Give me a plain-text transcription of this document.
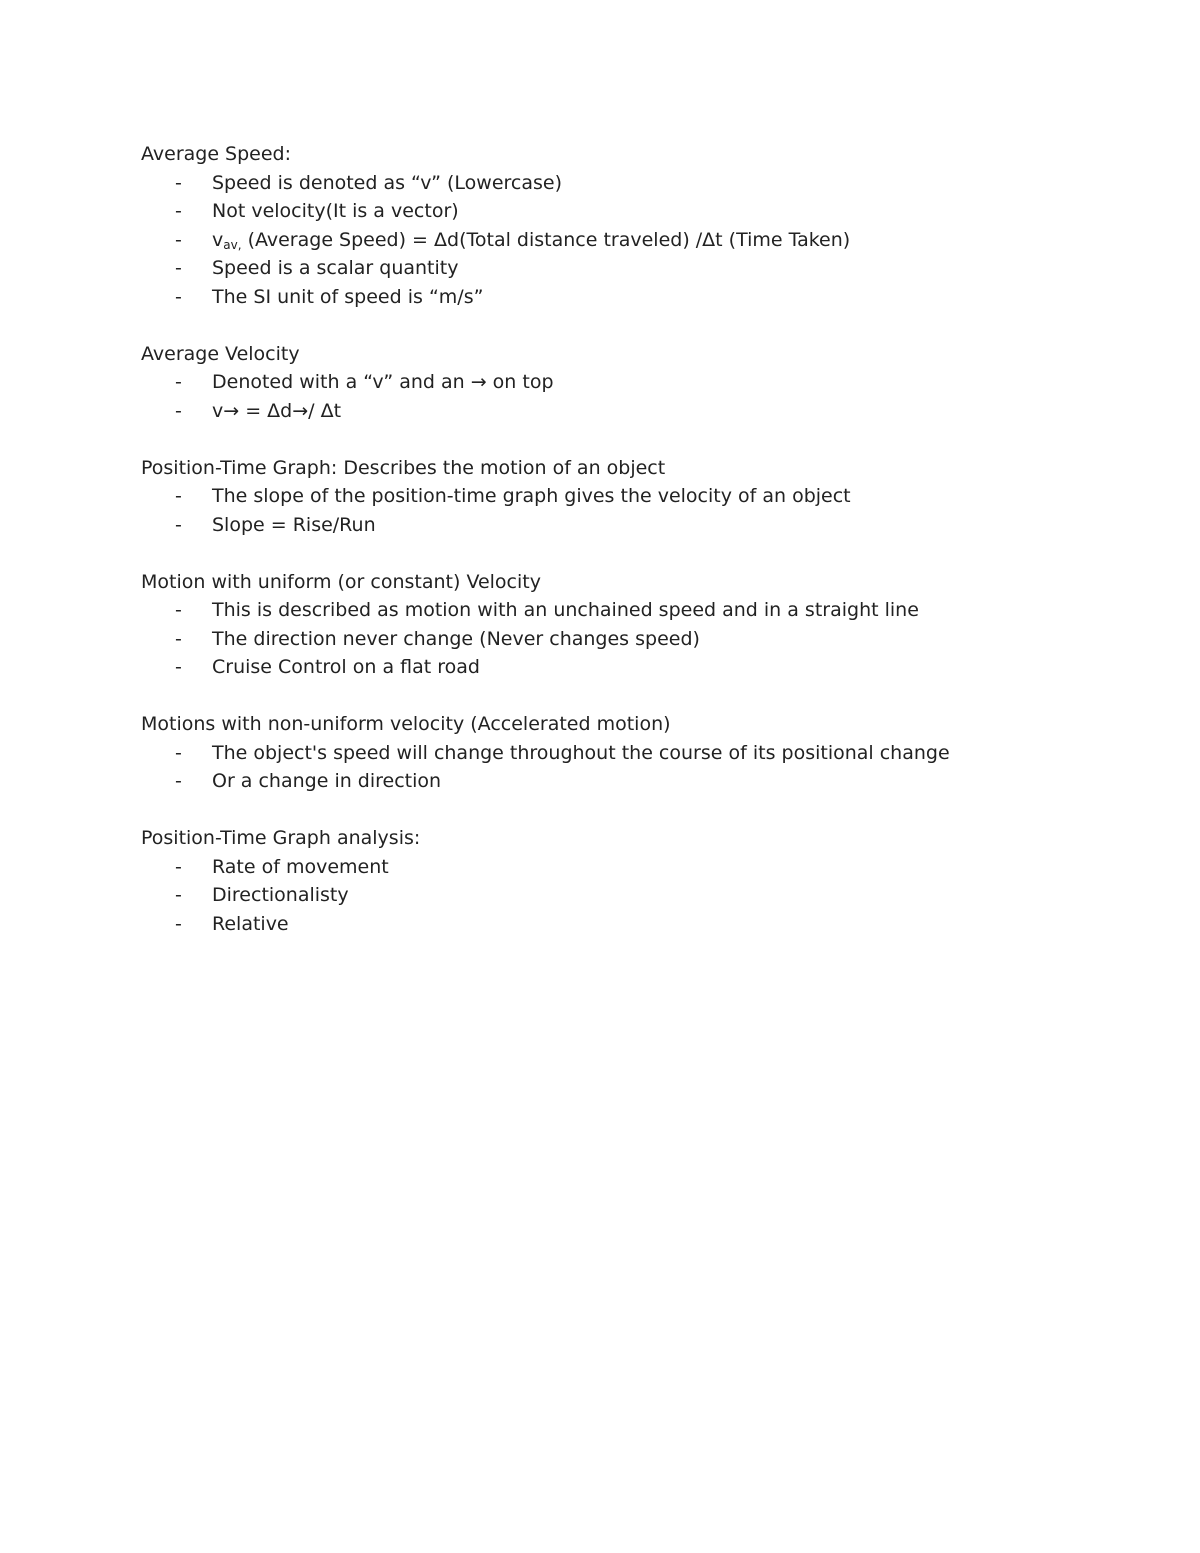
Average Speed:

- Speed is denoted as “v” (Lowercase)
- Not velocity(It is a vector)
- $v_{av,}$ (Average Speed) = Δd(Total distance traveled) /Δt (Time Taken)
- Speed is a scalar quantity
- The SI unit of speed is “m/s”

Average Velocity

- Denoted with a “v” and an → on top
- v→ = Δd→/ Δt

Position-Time Graph: Describes the motion of an object

- The slope of the position-time graph gives the velocity of an object
- Slope = Rise/Run

Motion with uniform (or constant) Velocity

- This is described as motion with an unchained speed and in a straight line
- The direction never change (Never changes speed)
- Cruise Control on a flat road

Motions with non-uniform velocity (Accelerated motion)

- The object's speed will change throughout the course of its positional change
- Or a change in direction

Position-Time Graph analysis:

- Rate of movement
- Directionalisty
- Relative
